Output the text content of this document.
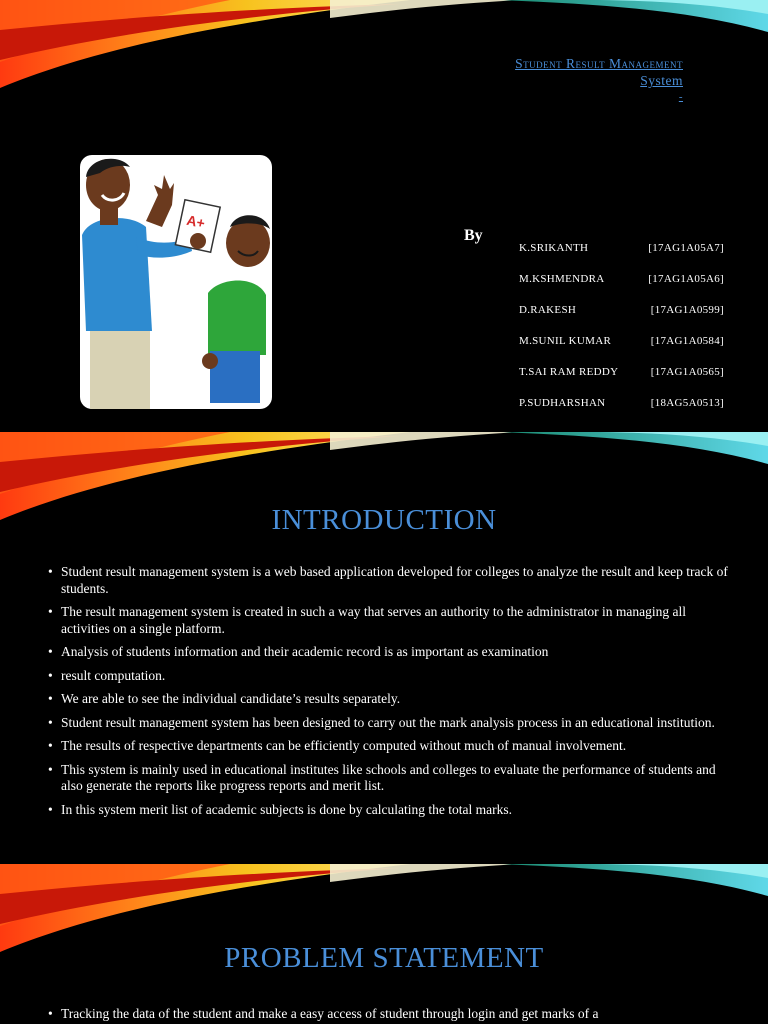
Student Result Management
System
-
A+
By
K.SRIKANTH	[17AG1A05A7]
M.KSHMENDRA	[17AG1A05A6]
D.RAKESH	[17AG1A0599]
M.SUNIL KUMAR	[17AG1A0584]
T.SAI RAM REDDY	[17AG1A0565]
P.SUDHARSHAN	[18AG5A0513]
INTRODUCTION
• Student result management system is a web based application developed for colleges to analyze the result and keep track of students.
• The result management system is created in such a way that serves an authority to the administrator in managing all activities on a single platform.
• Analysis of students information and their academic record is as important as examination
• result computation.
• We are able to see the individual candidate’s results separately.
• Student result management system has been designed to carry out the mark analysis process in an educational institution.
• The results of respective departments can be efficiently computed without much of manual involvement.
• This system is mainly used in educational institutes like schools and colleges to evaluate the performance of students and also generate the reports like progress reports and merit list.
• In this system merit list of academic subjects is done by calculating the total marks.
PROBLEM STATEMENT
• Tracking the data of the student and make a easy access of student through login and get marks of a
